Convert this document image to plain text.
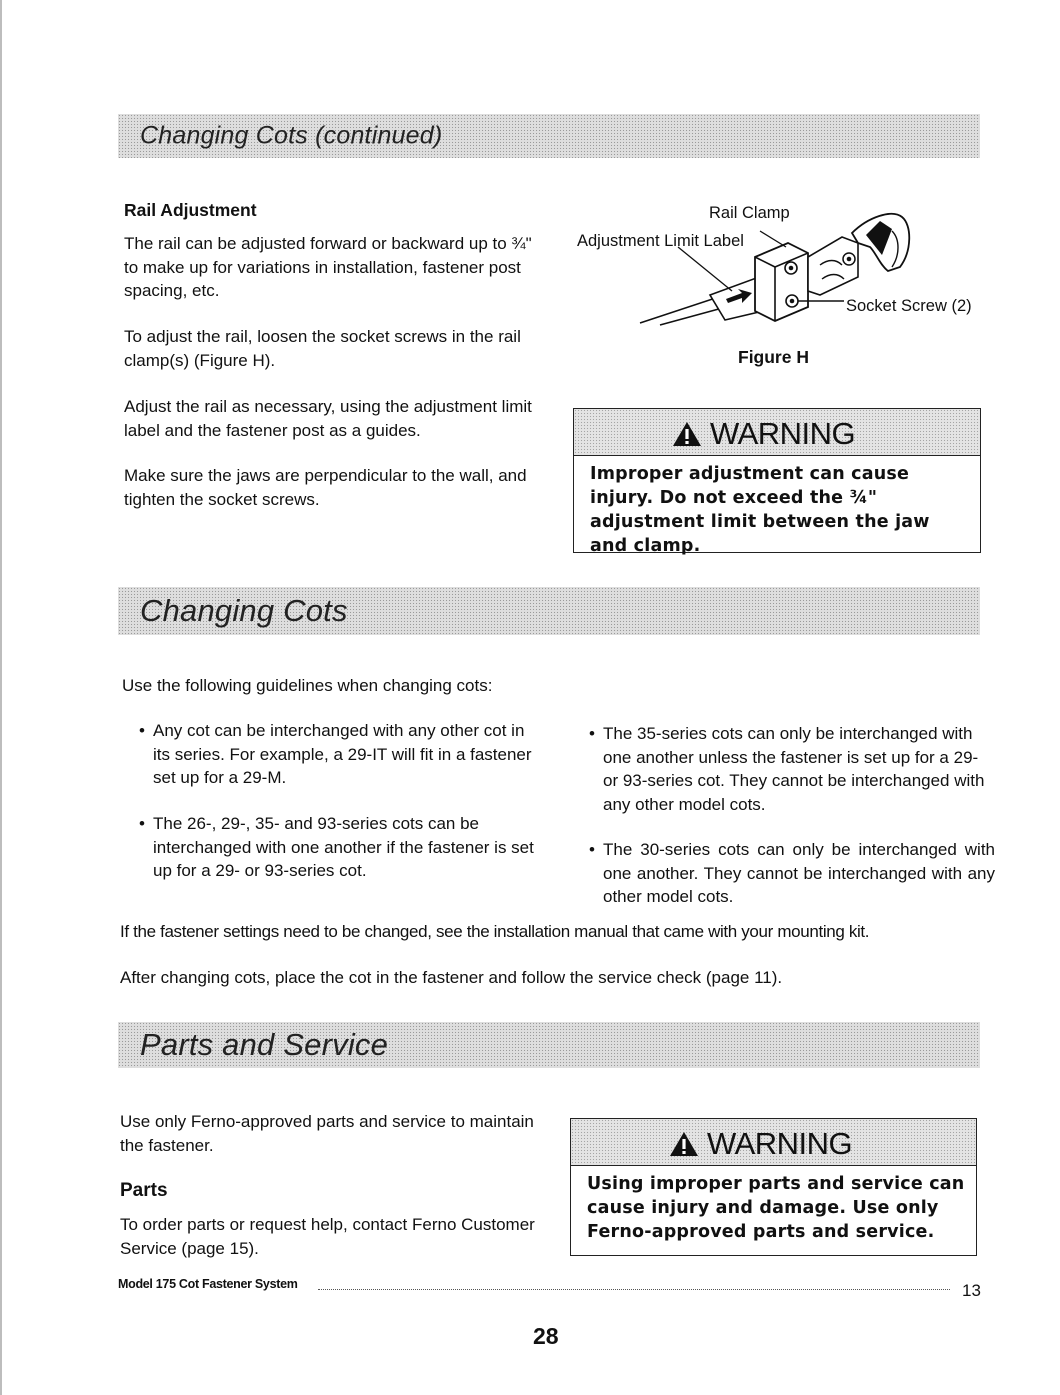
Changing Cots (continued)
Rail Adjustment
The rail can be adjusted forward or backward up to ¾" to make up for variations in installation, fastener post spacing, etc.
To adjust the rail, loosen the socket screws in the rail clamp(s) (Figure H).
Adjust the rail as necessary, using the adjustment limit label and the fastener post as a guides.
Make sure the jaws are perpendicular to the wall, and tighten the socket screws.
Rail Clamp
Adjustment Limit Label
Socket Screw (2)
Figure H
WARNING
Improper adjustment can cause injury. Do not exceed the ¾" adjustment limit between the jaw and clamp.
Changing Cots
Use the following guidelines when changing cots:
• Any cot can be interchanged with any other cot in its series. For example, a 29-IT will fit in a fastener set up for a 29-M.
• The 26-, 29-, 35- and 93-series cots can be interchanged with one another if the fastener is set up for a 29- or 93-series cot.
• The 35-series cots can only be interchanged with one another unless the fastener is set up for a 29- or 93-series cot. They cannot be interchanged with any other model cots.
• The 30-series cots can only be interchanged with one another. They cannot be interchanged with any other model cots.
If the fastener settings need to be changed, see the installation manual that came with your mounting kit.
After changing cots, place the cot in the fastener and follow the service check (page 11).
Parts and Service
Use only Ferno-approved parts and service to maintain the fastener.
Parts
To order parts or request help, contact Ferno Customer Service (page 15).
WARNING
Using improper parts and service can cause injury and damage. Use only Ferno-approved parts and service.
Model 175 Cot Fastener System	13
28
